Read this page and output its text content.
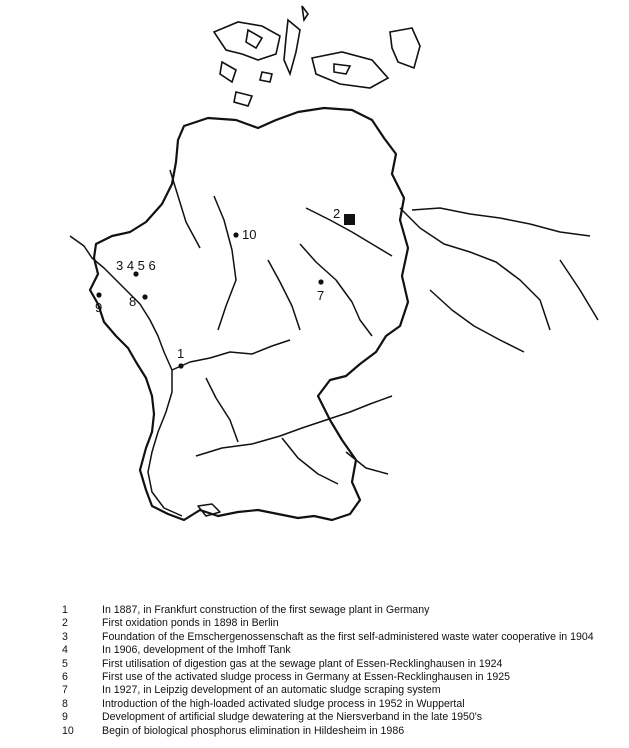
1
2
3 4 5 6
7
8
9
10
1	In 1887, in Frankfurt construction of the first sewage plant in Germany
2	First oxidation ponds in 1898 in Berlin
3	Foundation of the Emschergenossenschaft as the first self-administered waste water cooperative in 1904
4	In 1906, development of the Imhoff Tank
5	First utilisation of digestion gas at the sewage plant of Essen-Recklinghausen in 1924
6	First use of the activated sludge process in Germany at Essen-Recklinghausen in 1925
7	In 1927, in Leipzig development of an automatic sludge scraping system
8	Introduction of the high-loaded activated sludge process in 1952 in Wuppertal
9	Development of artificial sludge dewatering at the Niersverband in the late 1950's
10	Begin of biological phosphorus elimination in Hildesheim in 1986
